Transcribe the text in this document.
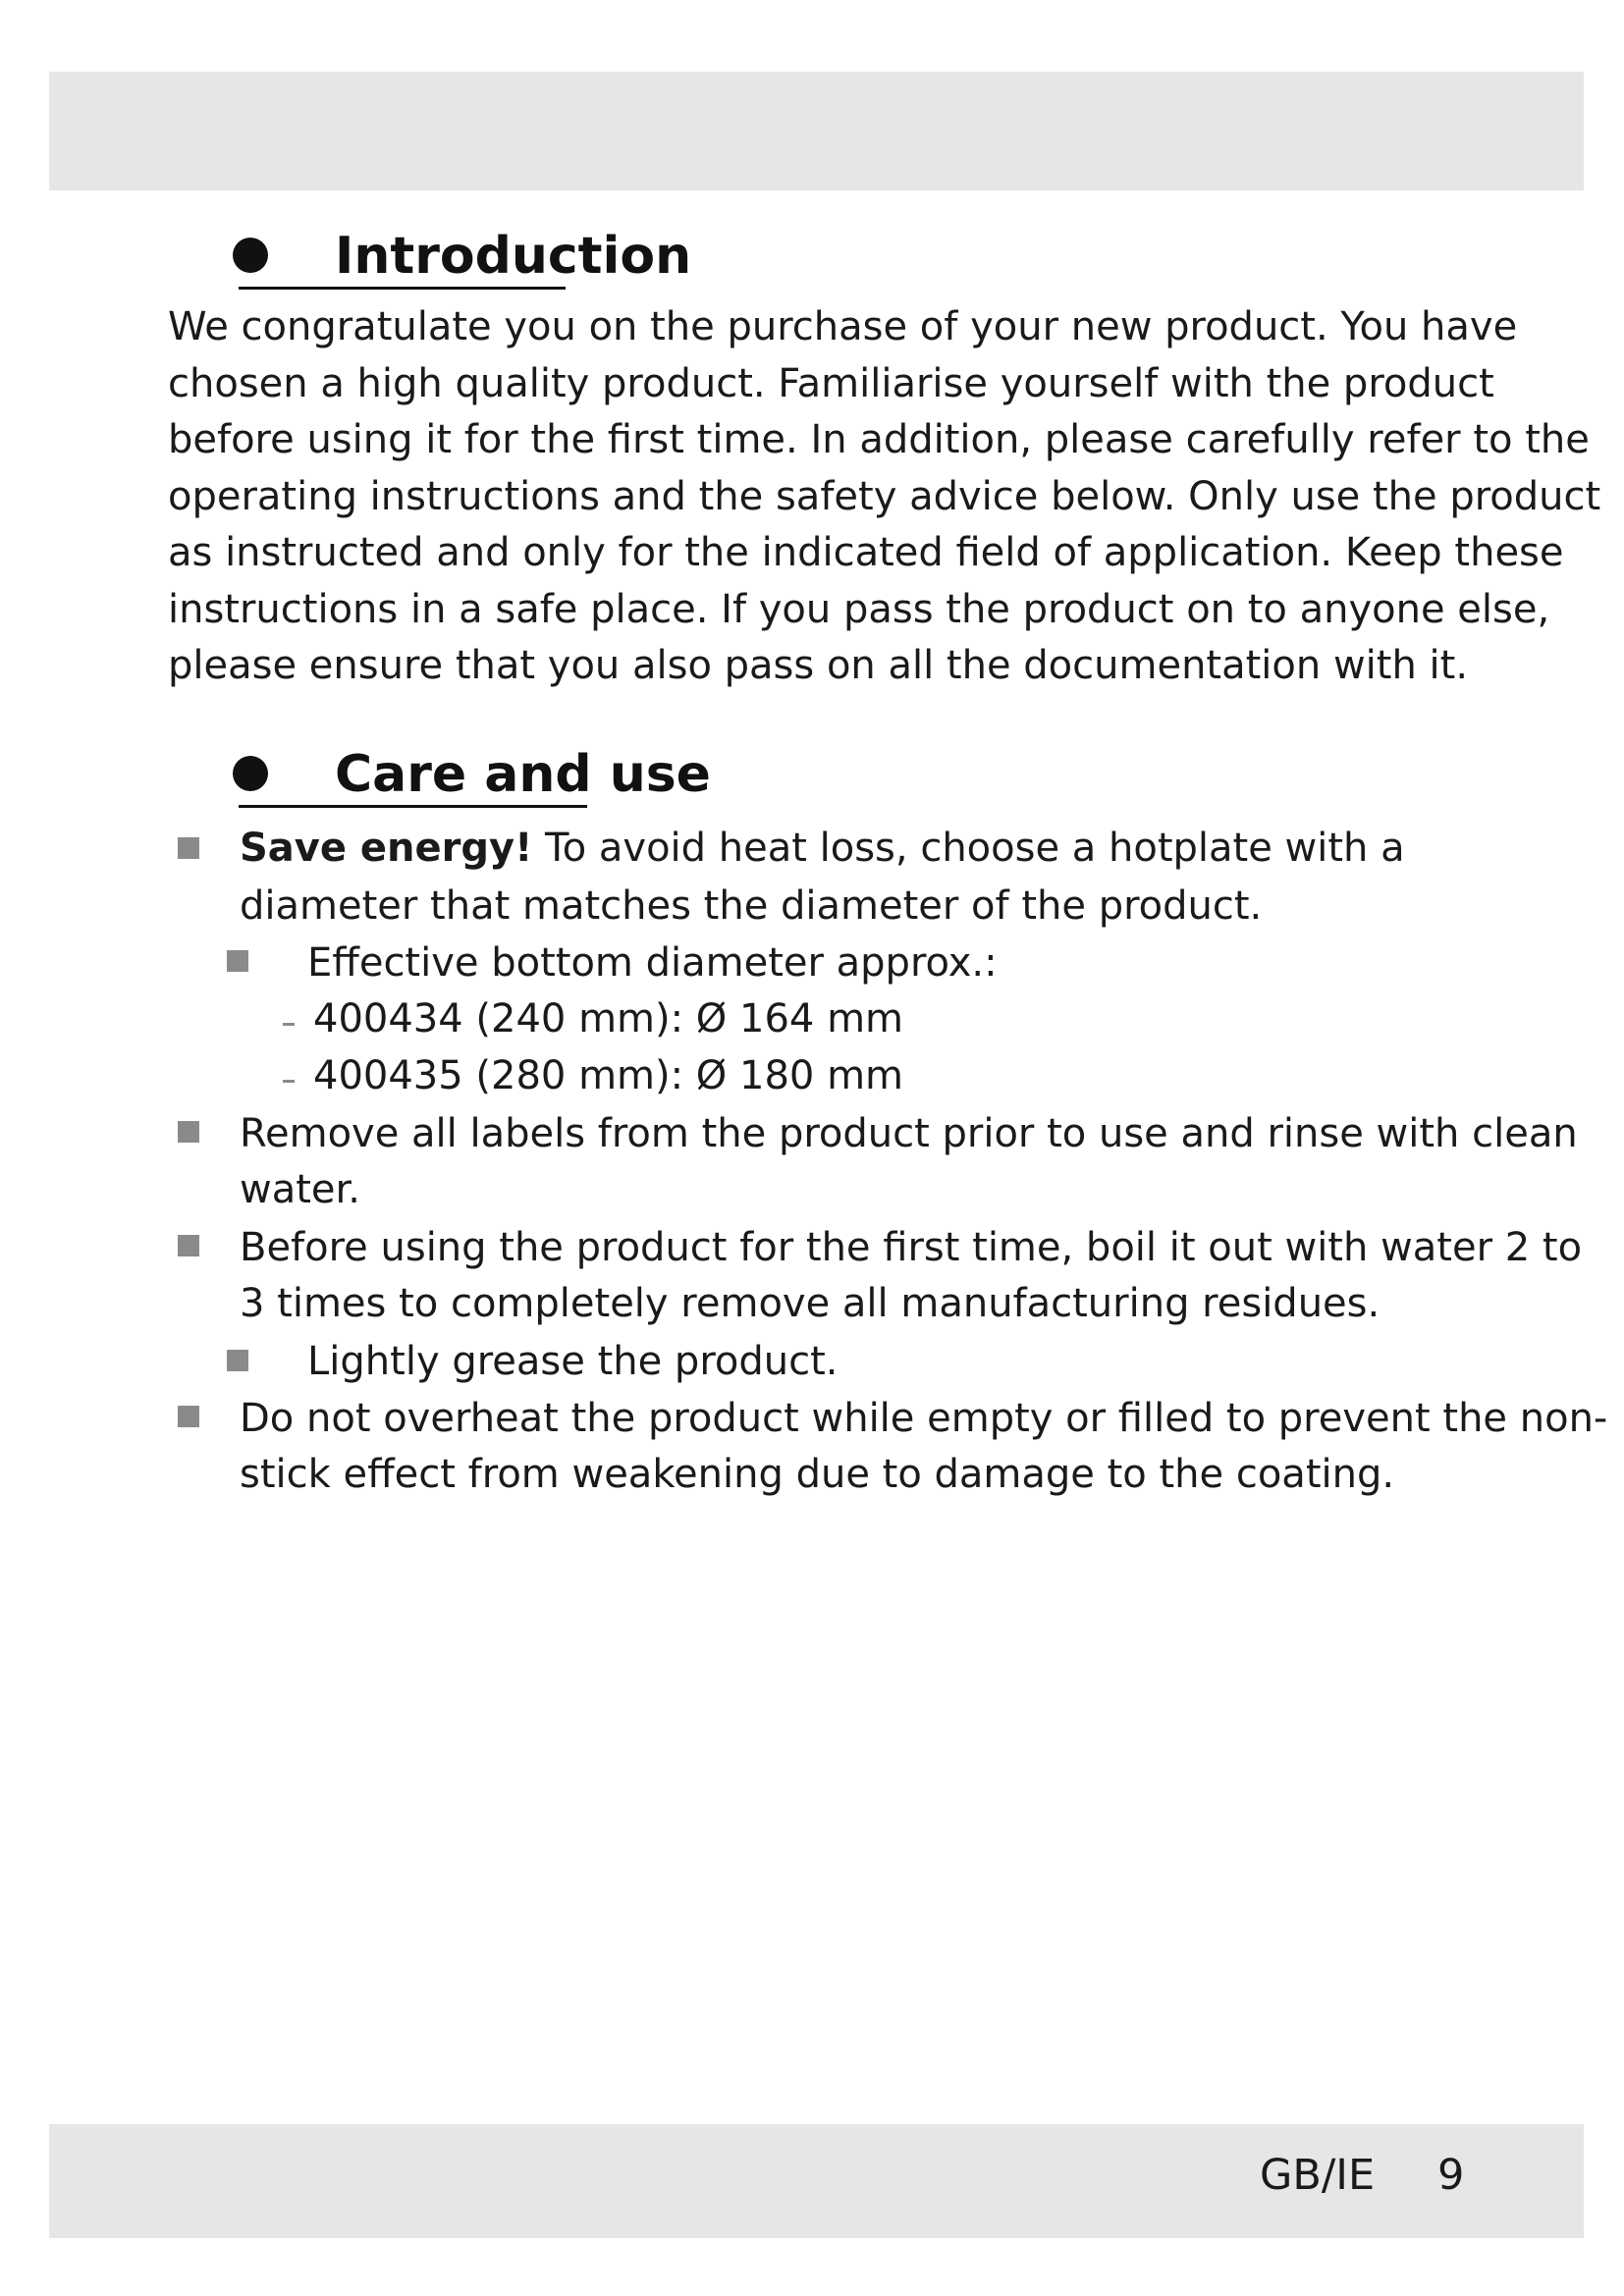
Introduction
We congratulate you on the purchase of your new product. You have
chosen a high quality product. Familiarise yourself with the product
before using it for the first time. In addition, please carefully refer to the
operating instructions and the safety advice below. Only use the product
as instructed and only for the indicated field of application. Keep these
instructions in a safe place. If you pass the product on to anyone else,
please ensure that you also pass on all the documentation with it.
Care and use
Save energy! To avoid heat loss, choose a hotplate with a
diameter that matches the diameter of the product.
Effective bottom diameter approx.:
400434 (240 mm): Ø 164 mm
400435 (280 mm): Ø 180 mm
Remove all labels from the product prior to use and rinse with clean
water.
Before using the product for the first time, boil it out with water 2 to
3 times to completely remove all manufacturing residues.
Lightly grease the product.
Do not overheat the product while empty or filled to prevent the non-
stick effect from weakening due to damage to the coating.
GB/IE 9
